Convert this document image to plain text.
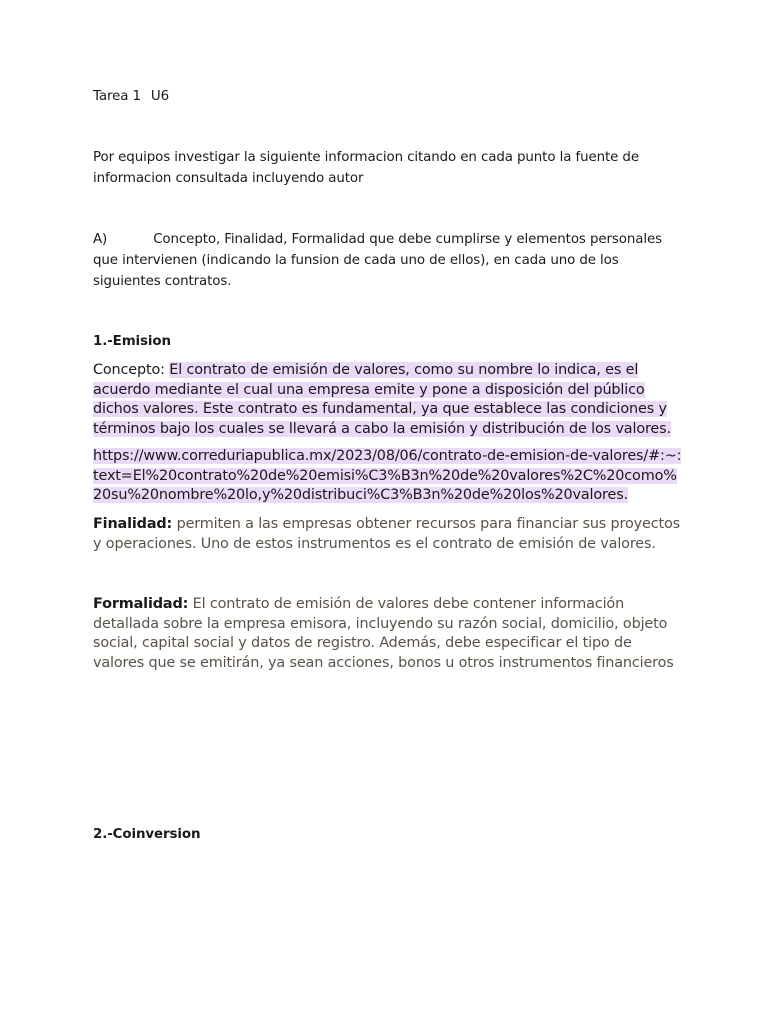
Tarea 1 U6
Por equipos investigar la siguiente informacion citando en cada punto la fuente de informacion consultada incluyendo autor
A)	Concepto, Finalidad, Formalidad que debe cumplirse y elementos personales que intervienen (indicando la funsion de cada uno de ellos), en cada uno de los siguientes contratos.
1.-Emision
Concepto: El contrato de emisión de valores, como su nombre lo indica, es el acuerdo mediante el cual una empresa emite y pone a disposición del público dichos valores. Este contrato es fundamental, ya que establece las condiciones y términos bajo los cuales se llevará a cabo la emisión y distribución de los valores.
https://www.correduriapublica.mx/2023/08/06/contrato-de-emision-de-valores/#:~:text=El%20contrato%20de%20emisi%C3%B3n%20de%20valores%2C%20como%20su%20nombre%20lo,y%20distribuci%C3%B3n%20de%20los%20valores.
Finalidad: permiten a las empresas obtener recursos para financiar sus proyectos y operaciones. Uno de estos instrumentos es el contrato de emisión de valores.
Formalidad: El contrato de emisión de valores debe contener información detallada sobre la empresa emisora, incluyendo su razón social, domicilio, objeto social, capital social y datos de registro. Además, debe especificar el tipo de valores que se emitirán, ya sean acciones, bonos u otros instrumentos financieros
2.-Coinversion
